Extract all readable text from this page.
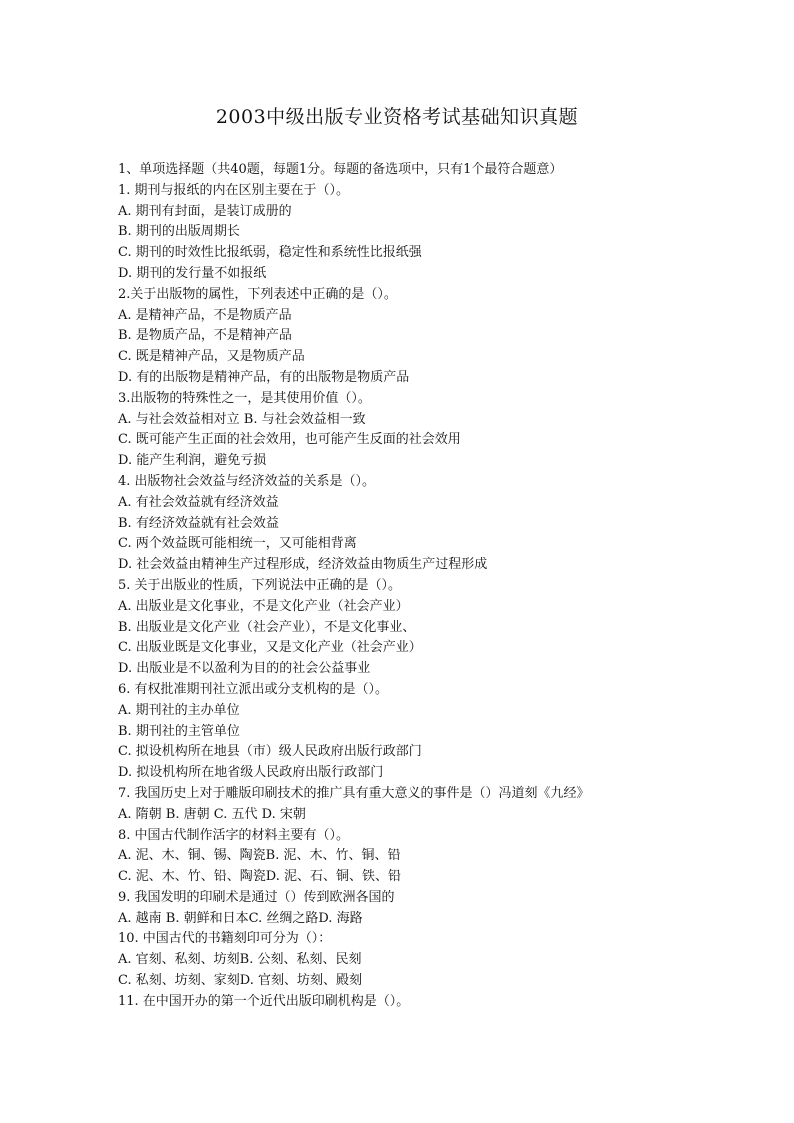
2003中级出版专业资格考试基础知识真题
1、单项选择题（共40题，每题1分。每题的备选项中，只有1个最符合题意）
1. 期刊与报纸的内在区别主要在于（）。
A. 期刊有封面，是装订成册的
B. 期刊的出版周期长
C. 期刊的时效性比报纸弱，稳定性和系统性比报纸强
D. 期刊的发行量不如报纸
2.关于出版物的属性，下列表述中正确的是（）。
A. 是精神产品，不是物质产品
B. 是物质产品，不是精神产品
C. 既是精神产品，又是物质产品
D. 有的出版物是精神产品，有的出版物是物质产品
3.出版物的特殊性之一，是其使用价值（）。
A. 与社会效益相对立 B. 与社会效益相一致
C. 既可能产生正面的社会效用，也可能产生反面的社会效用
D. 能产生利润，避免亏损
4. 出版物社会效益与经济效益的关系是（）。
A. 有社会效益就有经济效益
B. 有经济效益就有社会效益
C. 两个效益既可能相统一，又可能相背离
D. 社会效益由精神生产过程形成，经济效益由物质生产过程形成
5. 关于出版业的性质，下列说法中正确的是（）。
A. 出版业是文化事业，不是文化产业（社会产业）
B. 出版业是文化产业（社会产业），不是文化事业、
C. 出版业既是文化事业，又是文化产业（社会产业）
D. 出版业是不以盈利为目的的社会公益事业
6. 有权批准期刊社立派出或分支机构的是（）。
A. 期刊社的主办单位
B. 期刊社的主管单位
C. 拟设机构所在地县（市）级人民政府出版行政部门
D. 拟设机构所在地省级人民政府出版行政部门
7. 我国历史上对于雕版印刷技术的推广具有重大意义的事件是（）冯道刻《九经》
A. 隋朝 B. 唐朝 C. 五代 D. 宋朝
8. 中国古代制作活字的材料主要有（）。
A. 泥、木、铜、锡、陶瓷B. 泥、木、竹、铜、铅
C. 泥、木、竹、铅、陶瓷D. 泥、石、铜、铁、铅
9. 我国发明的印刷术是通过（）传到欧洲各国的
A. 越南 B. 朝鲜和日本C. 丝绸之路D. 海路
10. 中国古代的书籍刻印可分为（）：
A. 官刻、私刻、坊刻B. 公刻、私刻、民刻
C. 私刻、坊刻、家刻D. 官刻、坊刻、殿刻
11. 在中国开办的第一个近代出版印刷机构是（）。
